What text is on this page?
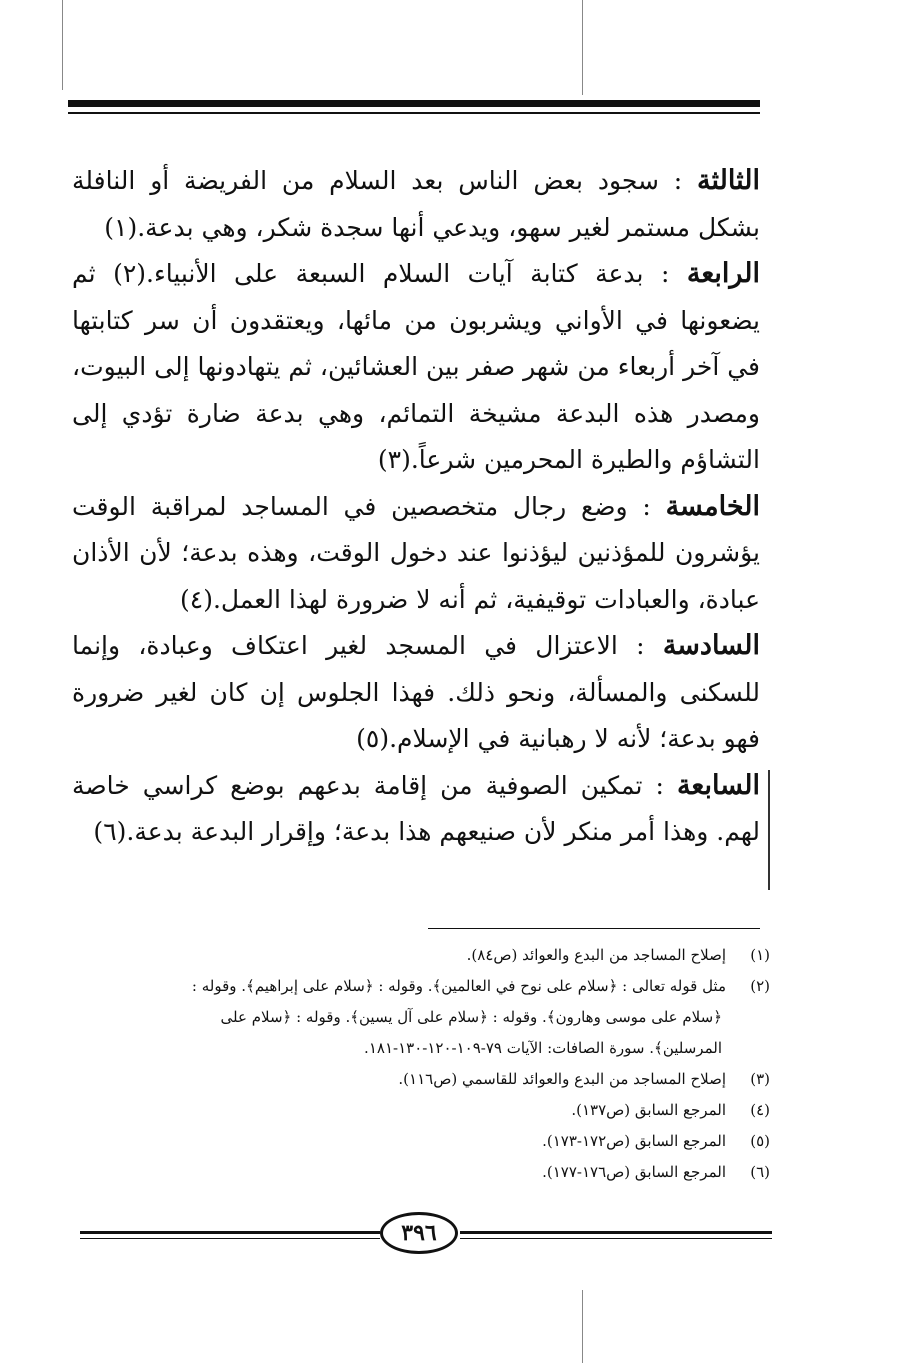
الثالثة : سجود بعض الناس بعد السلام من الفريضة أو النافلة بشكل مستمر لغير سهو، ويدعي أنها سجدة شكر، وهي بدعة.(١)

الرابعة : بدعة كتابة آيات السلام السبعة على الأنبياء.(٢) ثم يضعونها في الأواني ويشربون من مائها، ويعتقدون أن سر كتابتها في آخر أربعاء من شهر صفر بين العشائين، ثم يتهادونها إلى البيوت، ومصدر هذه البدعة مشيخة التمائم، وهي بدعة ضارة تؤدي إلى التشاؤم والطيرة المحرمين شرعاً.(٣)

الخامسة : وضع رجال متخصصين في المساجد لمراقبة الوقت يؤشرون للمؤذنين ليؤذنوا عند دخول الوقت، وهذه بدعة؛ لأن الأذان عبادة، والعبادات توقيفية، ثم أنه لا ضرورة لهذا العمل.(٤)

السادسة : الاعتزال في المسجد لغير اعتكاف وعبادة، وإنما للسكنى والمسألة، ونحو ذلك. فهذا الجلوس إن كان لغير ضرورة فهو بدعة؛ لأنه لا رهبانية في الإسلام.(٥)

السابعة : تمكين الصوفية من إقامة بدعهم بوضع كراسي خاصة لهم. وهذا أمر منكر لأن صنيعهم هذا بدعة؛ وإقرار البدعة بدعة.(٦)

(١)إصلاح المساجد من البدع والعوائد (ص٨٤).
(٢)مثل قوله تعالى : ﴿سلام على نوح في العالمين﴾. وقوله : ﴿سلام على إبراهيم﴾. وقوله :
﴿سلام على موسى وهارون﴾. وقوله : ﴿سلام على آل يسين﴾. وقوله : ﴿سلام على
المرسلين﴾. سورة الصافات: الآيات ٧٩-١٠٩-١٢٠-١٣٠-١٨١.
(٣)إصلاح المساجد من البدع والعوائد للقاسمي (ص١١٦).
(٤)المرجع السابق (ص١٣٧).
(٥)المرجع السابق (ص١٧٢-١٧٣).
(٦)المرجع السابق (ص١٧٦-١٧٧).
٣٩٦
